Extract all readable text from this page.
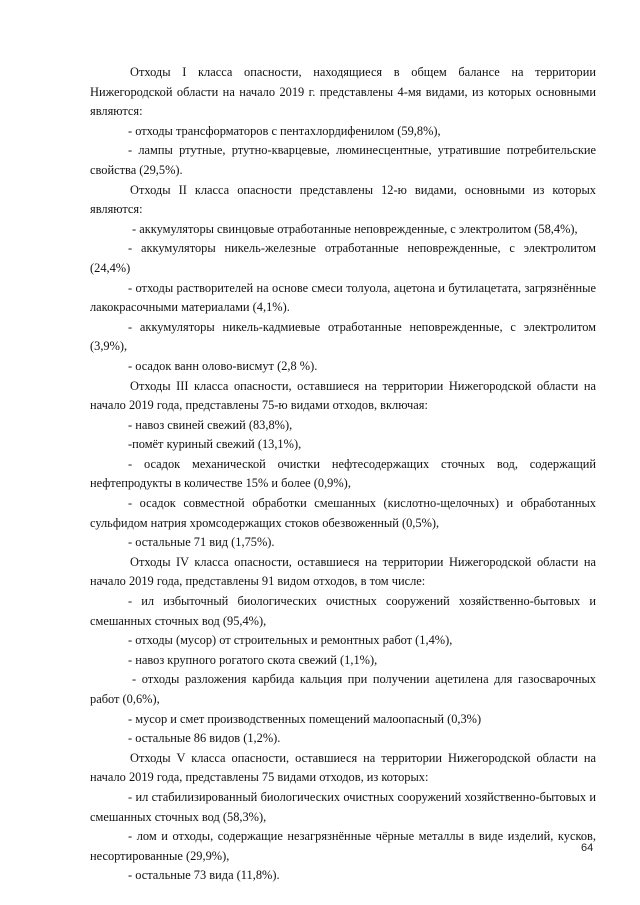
Отходы I класса опасности, находящиеся в общем балансе на территории Нижегородской области на начало 2019 г. представлены 4-мя видами, из которых основными являются:

- отходы трансформаторов с пентахлордифенилом (59,8%),

- лампы ртутные, ртутно-кварцевые, люминесцентные, утратившие потребительские свойства (29,5%).

Отходы II класса опасности представлены 12-ю видами, основными из которых являются:

- аккумуляторы свинцовые отработанные неповрежденные, с электролитом (58,4%),

- аккумуляторы никель-железные отработанные неповрежденные, с электролитом (24,4%)

- отходы растворителей на основе смеси толуола, ацетона и бутилацетата, загрязнённые лакокрасочными материалами (4,1%).

- аккумуляторы никель-кадмиевые отработанные неповрежденные, с электролитом (3,9%),

- осадок ванн олово-висмут (2,8 %).

Отходы III класса опасности, оставшиеся на территории Нижегородской области на начало 2019 года, представлены 75-ю видами отходов, включая:

- навоз свиней свежий (83,8%),

-помёт куриный свежий (13,1%),

- осадок механической очистки нефтесодержащих сточных вод, содержащий нефтепродукты в количестве 15% и более (0,9%),

- осадок совместной обработки смешанных (кислотно-щелочных) и обработанных сульфидом натрия хромсодержащих стоков обезвоженный (0,5%),

- остальные 71 вид (1,75%).

Отходы IV класса опасности, оставшиеся на территории Нижегородской области на начало 2019 года, представлены 91 видом отходов, в том числе:

- ил избыточный биологических очистных сооружений хозяйственно-бытовых и смешанных сточных вод (95,4%),

- отходы (мусор) от строительных и ремонтных работ (1,4%),

- навоз крупного рогатого скота свежий (1,1%),

- отходы разложения карбида кальция при получении ацетилена для газосварочных работ (0,6%),

- мусор и смет производственных помещений малоопасный (0,3%)

- остальные 86 видов (1,2%).

Отходы V класса опасности, оставшиеся на территории Нижегородской области на начало 2019 года, представлены 75 видами отходов, из которых:

- ил стабилизированный биологических очистных сооружений хозяйственно-бытовых и смешанных сточных вод (58,3%),

- лом и отходы, содержащие незагрязнённые чёрные металлы в виде изделий, кусков, несортированные (29,9%),

- остальные 73 вида (11,8%).

64
